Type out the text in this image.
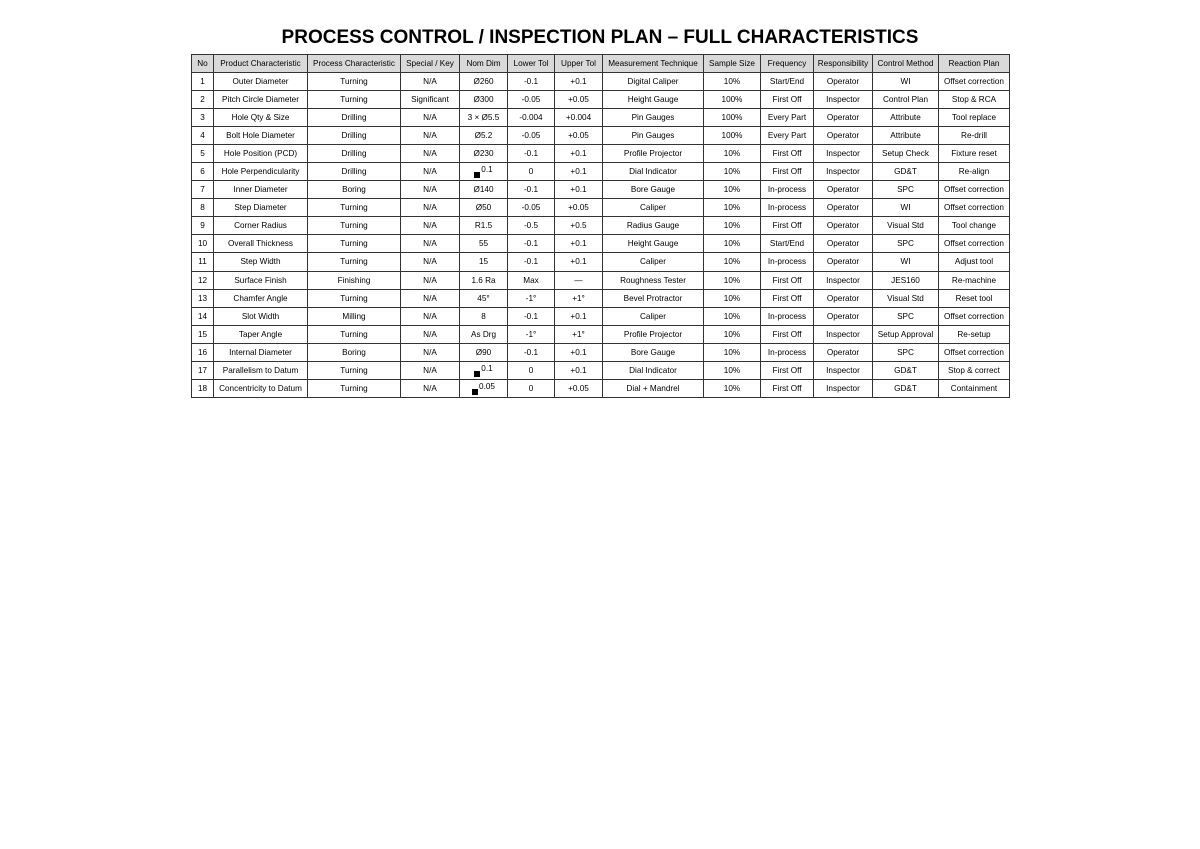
PROCESS CONTROL / INSPECTION PLAN – FULL CHARACTERISTICS
No	Product Characteristic	Process Characteristic	Special / Key	Nom Dim	Lower Tol	Upper Tol	Measurement Technique	Sample Size	Frequency	Responsibility	Control Method	Reaction Plan
1	Outer Diameter	Turning	N/A	Ø260	-0.1	+0.1	Digital Caliper	10%	Start/End	Operator	WI	Offset correction
2	Pitch Circle Diameter	Turning	Significant	Ø300	-0.05	+0.05	Height Gauge	100%	First Off	Inspector	Control Plan	Stop & RCA
3	Hole Qty & Size	Drilling	N/A	3 × Ø5.5	-0.004	+0.004	Pin Gauges	100%	Every Part	Operator	Attribute	Tool replace
4	Bolt Hole Diameter	Drilling	N/A	Ø5.2	-0.05	+0.05	Pin Gauges	100%	Every Part	Operator	Attribute	Re-drill
5	Hole Position (PCD)	Drilling	N/A	Ø230	-0.1	+0.1	Profile Projector	10%	First Off	Inspector	Setup Check	Fixture reset
6	Hole Perpendicularity	Drilling	N/A	0.1	0	+0.1	Dial Indicator	10%	First Off	Inspector	GD&T	Re-align
7	Inner Diameter	Boring	N/A	Ø140	-0.1	+0.1	Bore Gauge	10%	In-process	Operator	SPC	Offset correction
8	Step Diameter	Turning	N/A	Ø50	-0.05	+0.05	Caliper	10%	In-process	Operator	WI	Offset correction
9	Corner Radius	Turning	N/A	R1.5	-0.5	+0.5	Radius Gauge	10%	First Off	Operator	Visual Std	Tool change
10	Overall Thickness	Turning	N/A	55	-0.1	+0.1	Height Gauge	10%	Start/End	Operator	SPC	Offset correction
11	Step Width	Turning	N/A	15	-0.1	+0.1	Caliper	10%	In-process	Operator	WI	Adjust tool
12	Surface Finish	Finishing	N/A	1.6 Ra	Max	—	Roughness Tester	10%	First Off	Inspector	JES160	Re-machine
13	Chamfer Angle	Turning	N/A	45°	-1°	+1°	Bevel Protractor	10%	First Off	Operator	Visual Std	Reset tool
14	Slot Width	Milling	N/A	8	-0.1	+0.1	Caliper	10%	In-process	Operator	SPC	Offset correction
15	Taper Angle	Turning	N/A	As Drg	-1°	+1°	Profile Projector	10%	First Off	Inspector	Setup Approval	Re-setup
16	Internal Diameter	Boring	N/A	Ø90	-0.1	+0.1	Bore Gauge	10%	In-process	Operator	SPC	Offset correction
17	Parallelism to Datum	Turning	N/A	0.1	0	+0.1	Dial Indicator	10%	First Off	Inspector	GD&T	Stop & correct
18	Concentricity to Datum	Turning	N/A	0.05	0	+0.05	Dial + Mandrel	10%	First Off	Inspector	GD&T	Containment
